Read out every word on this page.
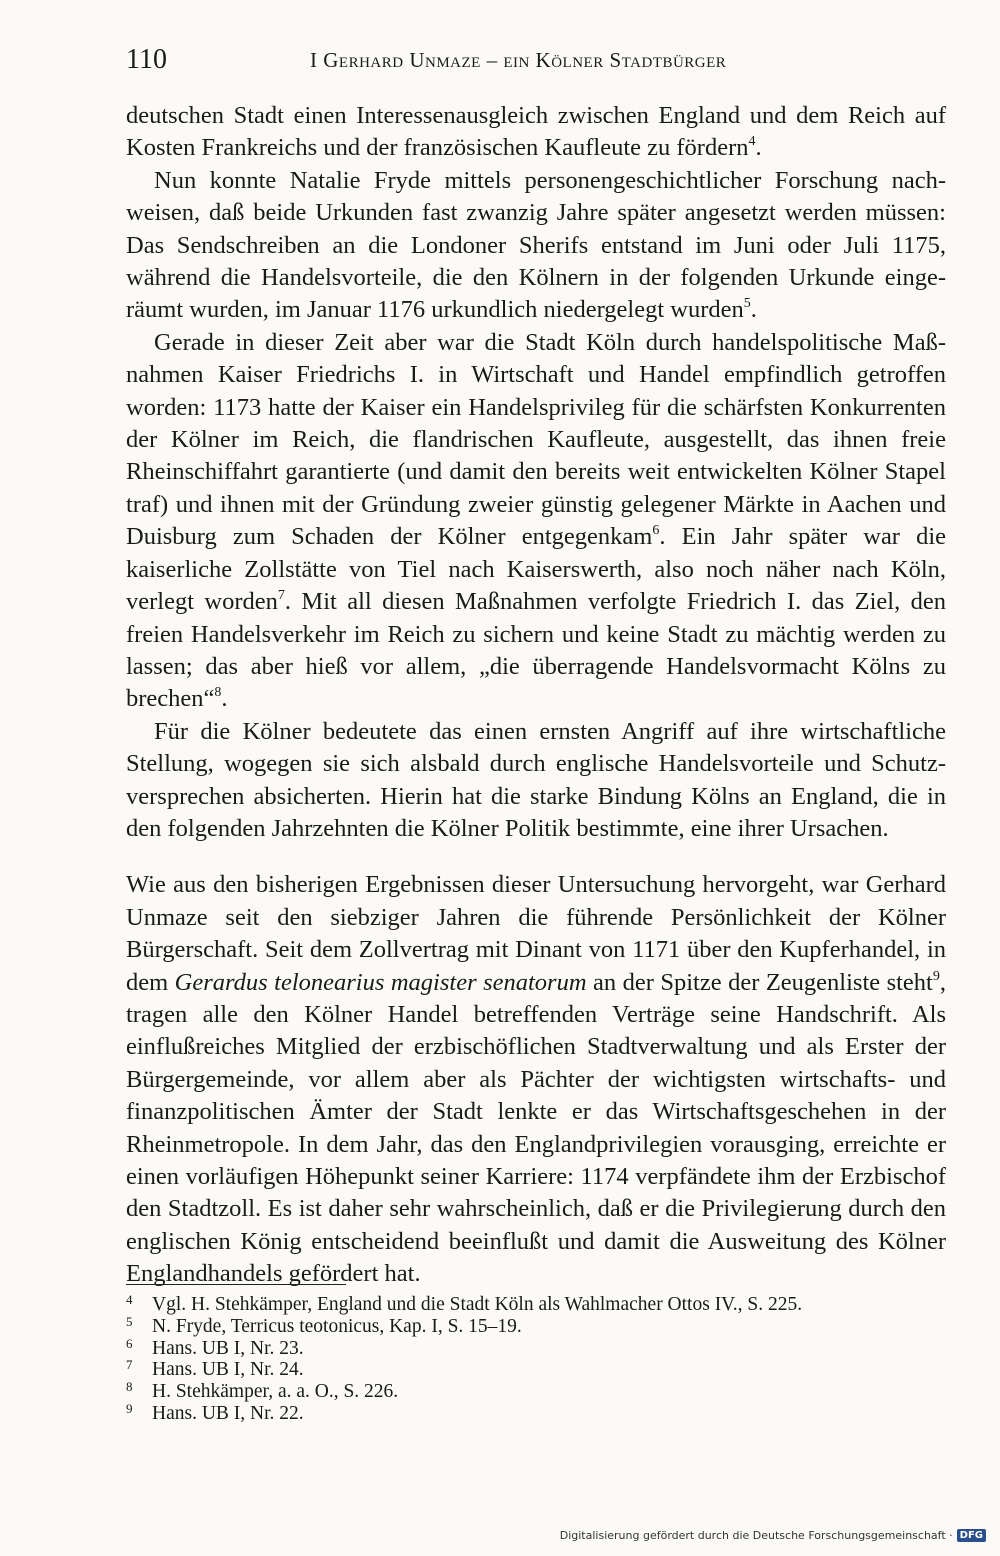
110	I Gerhard Unmaze – ein Kölner Stadtbürger

deutschen Stadt einen Interessenausgleich zwischen England und dem Reich auf Kosten Frankreichs und der französischen Kaufleute zu fördern$^4$.

Nun konnte Natalie Fryde mittels personengeschichtlicher Forschung nachweisen, daß beide Urkunden fast zwanzig Jahre später angesetzt werden müssen: Das Sendschreiben an die Londoner Sherifs entstand im Juni oder Juli 1175, während die Handelsvorteile, die den Kölnern in der folgenden Urkunde eingeräumt wurden, im Januar 1176 urkundlich niedergelegt wurden$^5$.

Gerade in dieser Zeit aber war die Stadt Köln durch handelspolitische Maßnahmen Kaiser Friedrichs I. in Wirtschaft und Handel empfindlich getroffen worden: 1173 hatte der Kaiser ein Handelsprivileg für die schärfsten Konkurrenten der Kölner im Reich, die flandrischen Kaufleute, ausgestellt, das ihnen freie Rheinschiffahrt garantierte (und damit den bereits weit entwickelten Kölner Stapel traf) und ihnen mit der Gründung zweier günstig gelegener Märkte in Aachen und Duisburg zum Schaden der Kölner entgegenkam$^6$. Ein Jahr später war die kaiserliche Zollstätte von Tiel nach Kaiserswerth, also noch näher nach Köln, verlegt worden$^7$. Mit all diesen Maßnahmen verfolgte Friedrich I. das Ziel, den freien Handelsverkehr im Reich zu sichern und keine Stadt zu mächtig werden zu lassen; das aber hieß vor allem, „die überragende Handelsvormacht Kölns zu brechen“$^8$.

Für die Kölner bedeutete das einen ernsten Angriff auf ihre wirtschaftliche Stellung, wogegen sie sich alsbald durch englische Handelsvorteile und Schutzversprechen absicherten. Hierin hat die starke Bindung Kölns an England, die in den folgenden Jahrzehnten die Kölner Politik bestimmte, eine ihrer Ursachen.

Wie aus den bisherigen Ergebnissen dieser Untersuchung hervorgeht, war Gerhard Unmaze seit den siebziger Jahren die führende Persönlichkeit der Kölner Bürgerschaft. Seit dem Zollvertrag mit Dinant von 1171 über den Kupferhandel, in dem Gerardus telonearius magister senatorum an der Spitze der Zeugenliste steht$^9$, tragen alle den Kölner Handel betreffenden Verträge seine Handschrift. Als einflußreiches Mitglied der erzbischöflichen Stadtverwaltung und als Erster der Bürgergemeinde, vor allem aber als Pächter der wichtigsten wirtschafts- und finanzpolitischen Ämter der Stadt lenkte er das Wirtschaftsgeschehen in der Rheinmetropole. In dem Jahr, das den Englandprivilegien vorausging, erreichte er einen vorläufigen Höhepunkt seiner Karriere: 1174 verpfändete ihm der Erzbischof den Stadtzoll. Es ist daher sehr wahrscheinlich, daß er die Privilegierung durch den englischen König entscheidend beeinflußt und damit die Ausweitung des Kölner Englandhandels gefördert hat.

4 Vgl. H. Stehkämper, England und die Stadt Köln als Wahlmacher Ottos IV., S. 225.
5 N. Fryde, Terricus teotonicus, Kap. I, S. 15–19.
6 Hans. UB I, Nr. 23.
7 Hans. UB I, Nr. 24.
8 H. Stehkämper, a. a. O., S. 226.
9 Hans. UB I, Nr. 22.
Digitalisierung gefördert durch die Deutsche Forschungsgemeinschaft · DFG
